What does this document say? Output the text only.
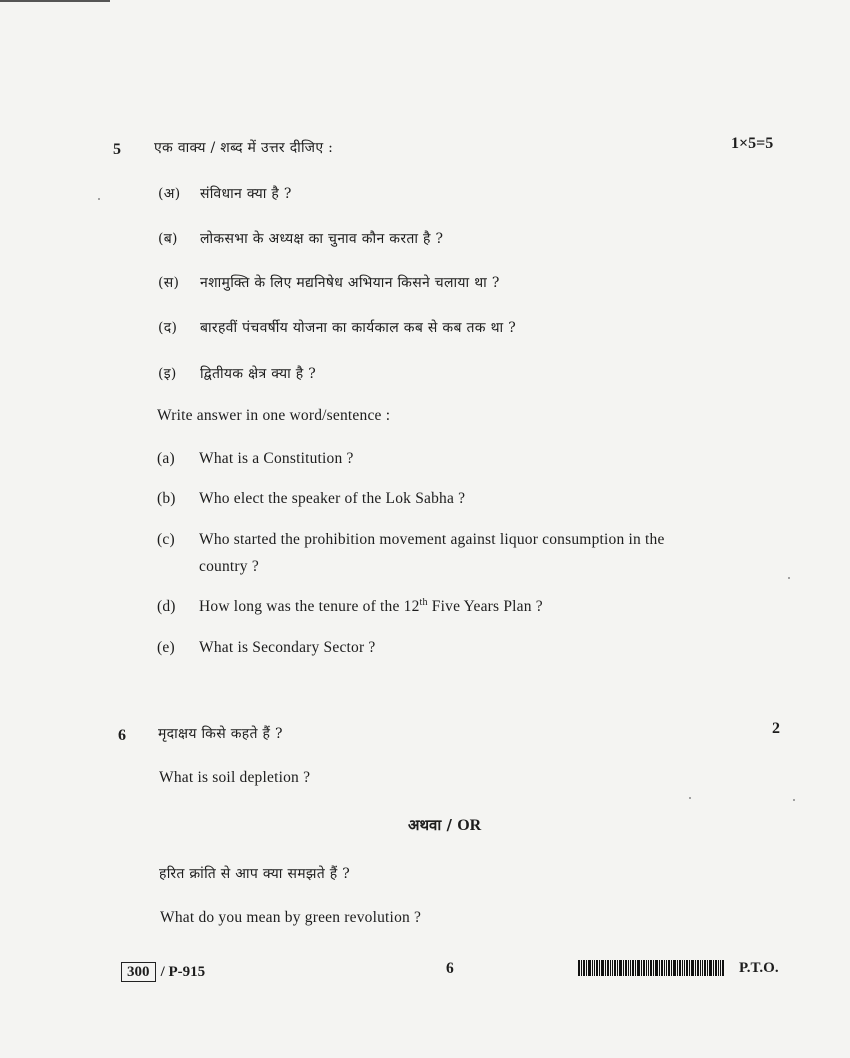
5 एक वाक्य / शब्द में उत्तर दीजिए :	1×5=5
(अ) संविधान क्या है ?
(ब) लोकसभा के अध्यक्ष का चुनाव कौन करता है ?
(स) नशामुक्ति के लिए मद्यनिषेध अभियान किसने चलाया था ?
(द) बारहवीं पंचवर्षीय योजना का कार्यकाल कब से कब तक था ?
(इ) द्वितीयक क्षेत्र क्या है ?
Write answer in one word/sentence :
(a) What is a Constitution ?
(b) Who elect the speaker of the Lok Sabha ?
(c) Who started the prohibition movement against liquor consumption in the
country ?
(d) How long was the tenure of the 12th Five Years Plan ?
(e) What is Secondary Sector ?
6 मृदाक्षय किसे कहते हैं ?	2
What is soil depletion ?
अथवा / OR
हरित क्रांति से आप क्या समझते हैं ?
What do you mean by green revolution ?
300 / P-915	6	P.T.O.
